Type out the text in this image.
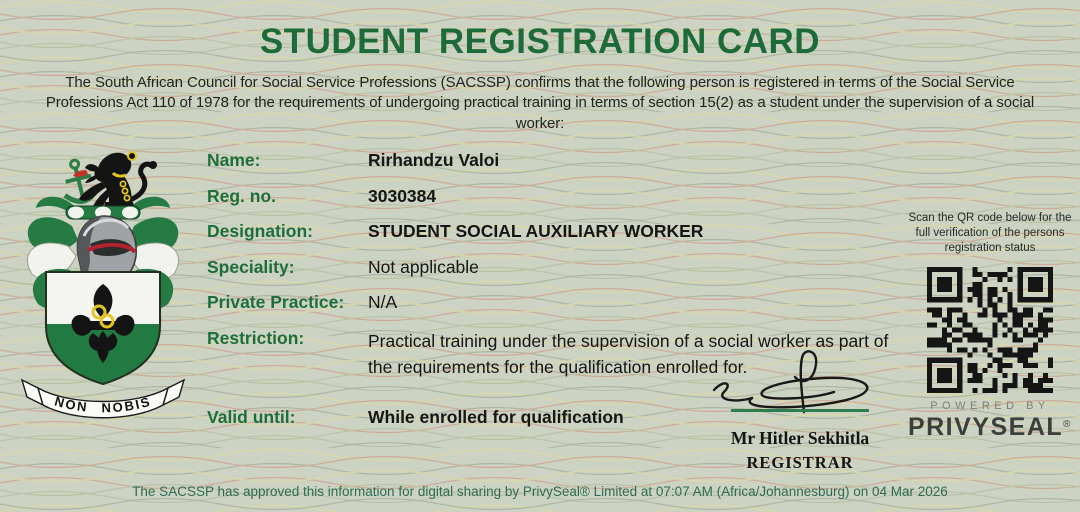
STUDENT REGISTRATION CARD
The South African Council for Social Service Professions (SACSSP) confirms that the following person is registered in terms of the Social Service Professions Act 110 of 1978 for the requirements of undergoing practical training in terms of section 15(2) as a student under the supervision of a social worker:
NON NOBIS
Name:	Rirhandzu Valoi
Reg. no.	3030384
Designation:	STUDENT SOCIAL AUXILIARY WORKER
Speciality:	Not applicable
Private Practice:	N/A
Restriction:	Practical training under the supervision of a social worker as part of the requirements for the qualification enrolled for.
Valid until:	While enrolled for qualification
Mr Hitler Sekhitla
REGISTRAR
Scan the QR code below for the full verification of the persons registration status
POWERED BY
PRIVYSEAL®
The SACSSP has approved this information for digital sharing by PrivySeal® Limited at 07:07 AM (Africa/Johannesburg) on 04 Mar 2026
